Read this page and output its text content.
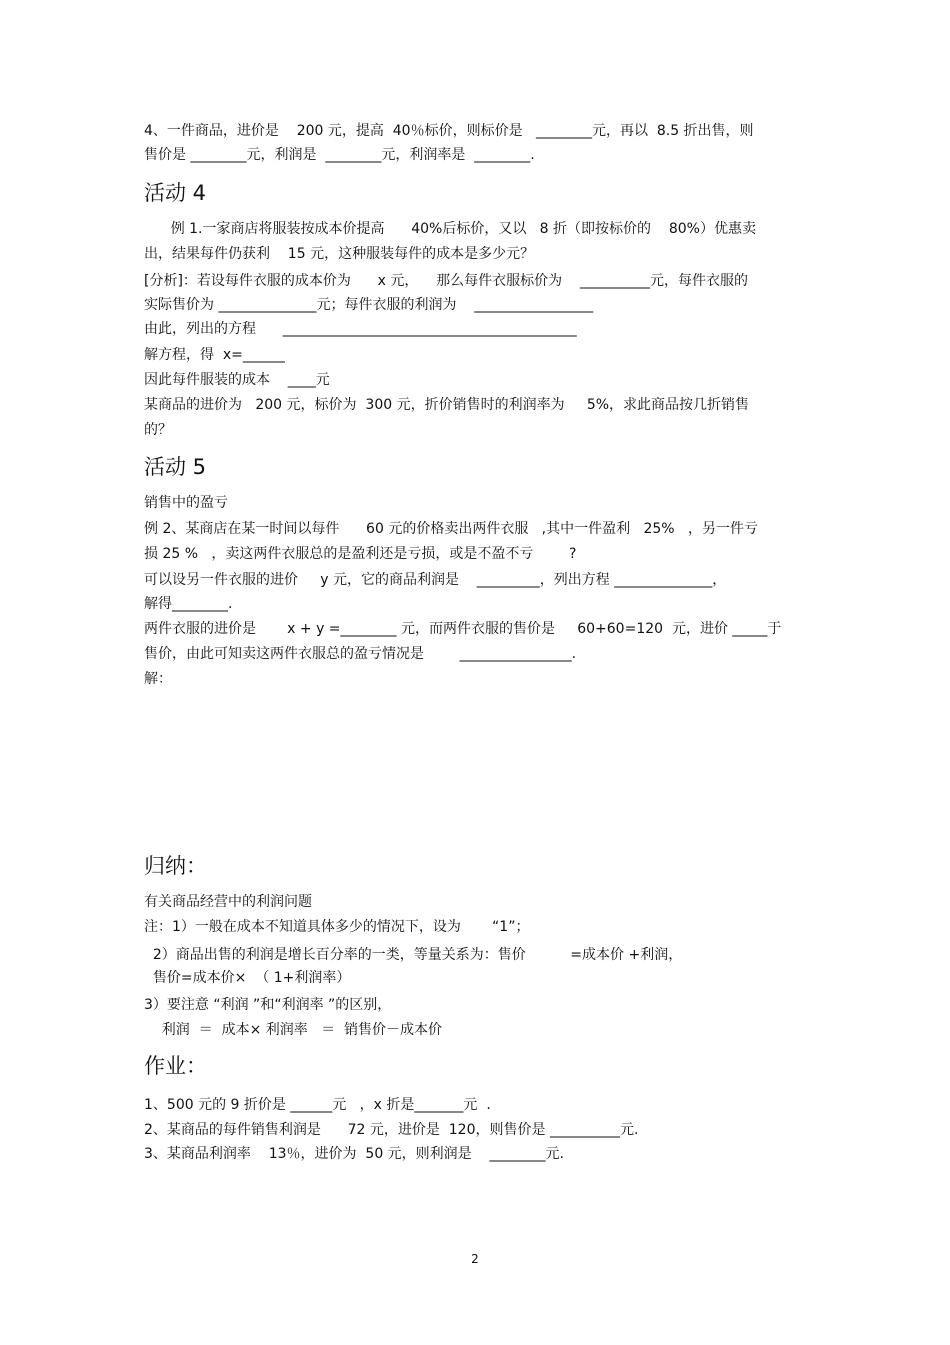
4、一件商品，进价是    200 元，提高  40％标价，则标价是   ________元，再以  8.5 折出售，则
售价是 ________元，利润是  ________元，利润率是  ________.
活动 4
例 1.一家商店将服装按成本价提高      40%后标价，又以   8 折（即按标价的    80%）优惠卖
出，结果每件仍获利    15 元，这种服装每件的成本是多少元？
[分析]：若设每件衣服的成本价为      x 元，    那么每件衣服标价为    __________元，每件衣服的
实际售价为 ______________元；每件衣服的利润为    _________________
由此，列出的方程      __________________________________________
解方程，得  x=______
因此每件服装的成本    ____元
某商品的进价为   200 元，标价为  300 元，折价销售时的利润率为     5%，求此商品按几折销售
的？
活动 5
销售中的盈亏
例 2、某商店在某一时间以每件      60 元的价格卖出两件衣服   ,其中一件盈利   25%   ，另一件亏
损 25 %   ，卖这两件衣服总的是盈利还是亏损，或是不盈不亏        ?
可以设另一件衣服的进价     y 元，它的商品利润是    _________，列出方程 ______________，
解得________.
两件衣服的进价是       x + y =________ 元，而两件衣服的售价是     60+60=120  元，进价 _____于
售价，由此可知卖这两件衣服总的盈亏情况是        ________________.
解：
归纳：
有关商品经营中的利润问题
注：1）一般在成本不知道具体多少的情况下，设为       “1”；
2）商品出售的利润是增长百分率的一类，等量关系为：售价          =成本价 +利润，
售价=成本价×  （ 1+利润率）
3）要注意 “利润 ”和“利润率 ”的区别，
利润  ＝  成本× 利润率   ＝  销售价－成本价
作业：
1、500 元的 9 折价是 ______元   ，x 折是_______元  .
2、某商品的每件销售利润是      72 元，进价是  120，则售价是 __________元.
3、某商品利润率    13％，进价为  50 元，则利润是    ________元.
2
